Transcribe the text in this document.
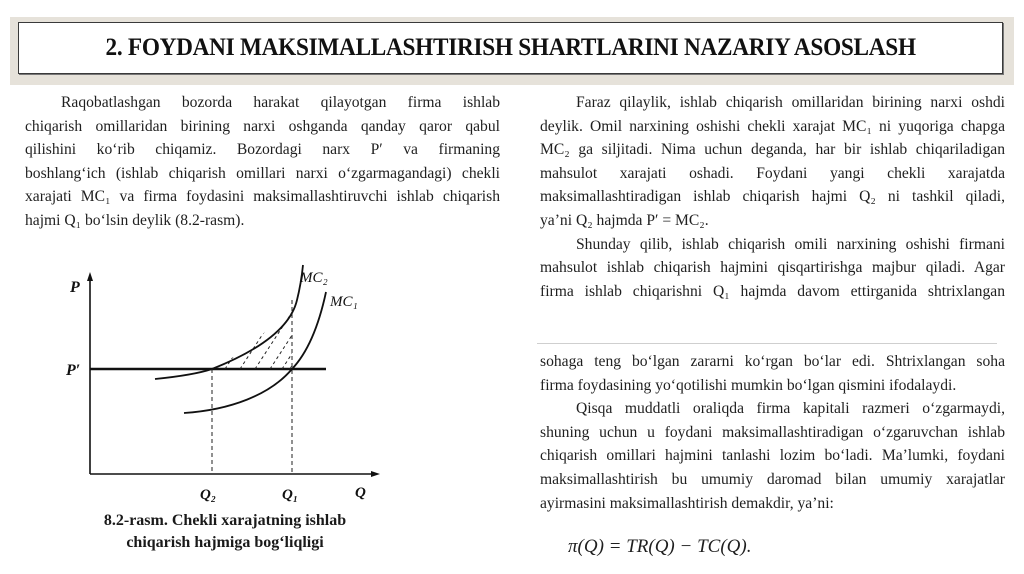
2. FOYDANI MAKSIMALLASHTIRISH SHARTLARINI NAZARIY ASOSLASH
Raqobatlashgan bozorda harakat qilayotgan firma ishlab
chiqarish omillaridan birining narxi oshganda qanday qaror qabul
qilishini ko‘rib chiqamiz. Bozordagi narx P′ va firmaning
boshlang‘ich (ishlab chiqarish omillari narxi o‘zgarmagandagi) chekli
xarajati MC₁ va firma foydasini maksimallashtiruvchi ishlab chiqarish
hajmi Q₁ bo‘lsin deylik (8.2-rasm).
Faraz qilaylik, ishlab chiqarish omillaridan birining narxi oshdi
deylik. Omil narxining oshishi chekli xarajat MC₁ ni yuqoriga chapga
MC₂ ga siljitadi. Nima uchun deganda, har bir ishlab chiqariladigan
mahsulot xarajati oshadi. Foydani yangi chekli xarajatda
maksimallashtiradigan ishlab chiqarish hajmi Q₂ ni tashkil qiladi,
ya’ni Q₂ hajmda P′ = MC₂.
Shunday qilib, ishlab chiqarish omili narxining oshishi firmani
mahsulot ishlab chiqarish hajmini qisqartirishga majbur qiladi. Agar
firma ishlab chiqarishni Q₁ hajmda davom ettirganida shtrixlangan
sohaga teng bo‘lgan zararni ko‘rgan bo‘lar edi. Shtrixlangan soha
firma foydasining yo‘qotilishi mumkin bo‘lgan qismini ifodalaydi.
Qisqa muddatli oraliqda firma kapitali razmeri o‘zgarmaydi,
shuning uchun u foydani maksimallashtiradigan o‘zgaruvchan ishlab
chiqarish omillari hajmini tanlashi lozim bo‘ladi. Ma’lumki, foydani
maksimallashtirish bu umumiy daromad bilan umumiy xarajatlar
ayirmasini maksimallashtirish demakdir, ya’ni:
π(Q) = TR(Q) − TC(Q).
P
P′
Q₂	Q₁	Q
MC₂
MC₁
8.2-rasm. Chekli xarajatning ishlab
chiqarish hajmiga bog‘liqligi
